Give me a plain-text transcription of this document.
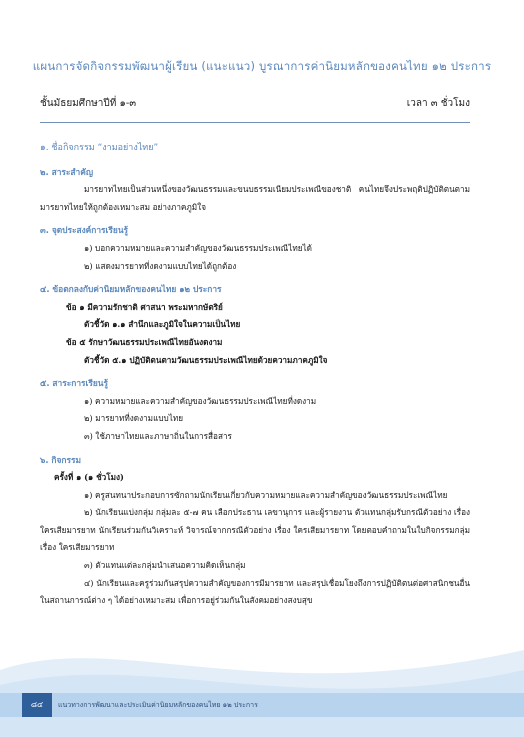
แผนการจัดกิจกรรมพัฒนาผู้เรียน (แนะแนว) บูรณาการค่านิยมหลักของคนไทย ๑๒ ประการ
ชั้นมัธยมศึกษาปีที่ ๑-๓	เวลา ๓ ชั่วโมง

๑. ชื่อกิจกรรม “งามอย่างไทย”

๒. สาระสำคัญ

มารยาทไทยเป็นส่วนหนึ่งของวัฒนธรรมและขนบธรรมเนียมประเพณีของชาติ คนไทยจึงประพฤติปฏิบัติตนตามมารยาทไทยให้ถูกต้องเหมาะสม อย่างภาคภูมิใจ

๓. จุดประสงค์การเรียนรู้

๑) บอกความหมายและความสำคัญของวัฒนธรรมประเพณีไทยได้

๒) แสดงมารยาทที่งดงามแบบไทยได้ถูกต้อง

๔. ข้อตกลงกับค่านิยมหลักของคนไทย ๑๒ ประการ

ข้อ ๑ มีความรักชาติ ศาสนา พระมหากษัตริย์

ตัวชี้วัด ๑.๑ สำนึกและภูมิใจในความเป็นไทย

ข้อ ๕ รักษาวัฒนธรรมประเพณีไทยอันงดงาม

ตัวชี้วัด ๕.๑ ปฏิบัติตนตามวัฒนธรรมประเพณีไทยด้วยความภาคภูมิใจ

๕. สาระการเรียนรู้

๑) ความหมายและความสำคัญของวัฒนธรรมประเพณีไทยที่งดงาม

๒) มารยาทที่งดงามแบบไทย

๓) ใช้ภาษาไทยและภาษาถิ่นในการสื่อสาร

๖. กิจกรรม

ครั้งที่ ๑ (๑ ชั่วโมง)

๑) ครูสนทนาประกอบการซักถามนักเรียนเกี่ยวกับความหมายและความสำคัญของวัฒนธรรมประเพณีไทย

๒) นักเรียนแบ่งกลุ่ม กลุ่มละ ๕-๗ คน เลือกประธาน เลขานุการ และผู้รายงาน ตัวแทนกลุ่มรับกรณีตัวอย่าง เรื่อง ใครเสียมารยาท นักเรียนร่วมกันวิเคราะห์ วิจารณ์จากกรณีตัวอย่าง เรื่อง ใครเสียมารยาท โดยตอบคำถามในใบกิจกรรมกลุ่ม เรื่อง ใครเสียมารยาท

๓) ตัวแทนแต่ละกลุ่มนำเสนอความคิดเห็นกลุ่ม

๔) นักเรียนและครูร่วมกันสรุปความสำคัญของการมีมารยาท และสรุปเชื่อมโยงถึงการปฏิบัติตนต่อศาสนิกชนอื่นในสถานการณ์ต่าง ๆ ได้อย่างเหมาะสม เพื่อการอยู่ร่วมกันในสังคมอย่างสงบสุข

๘๔	แนวทางการพัฒนาและประเมินค่านิยมหลักของคนไทย ๑๒ ประการ
